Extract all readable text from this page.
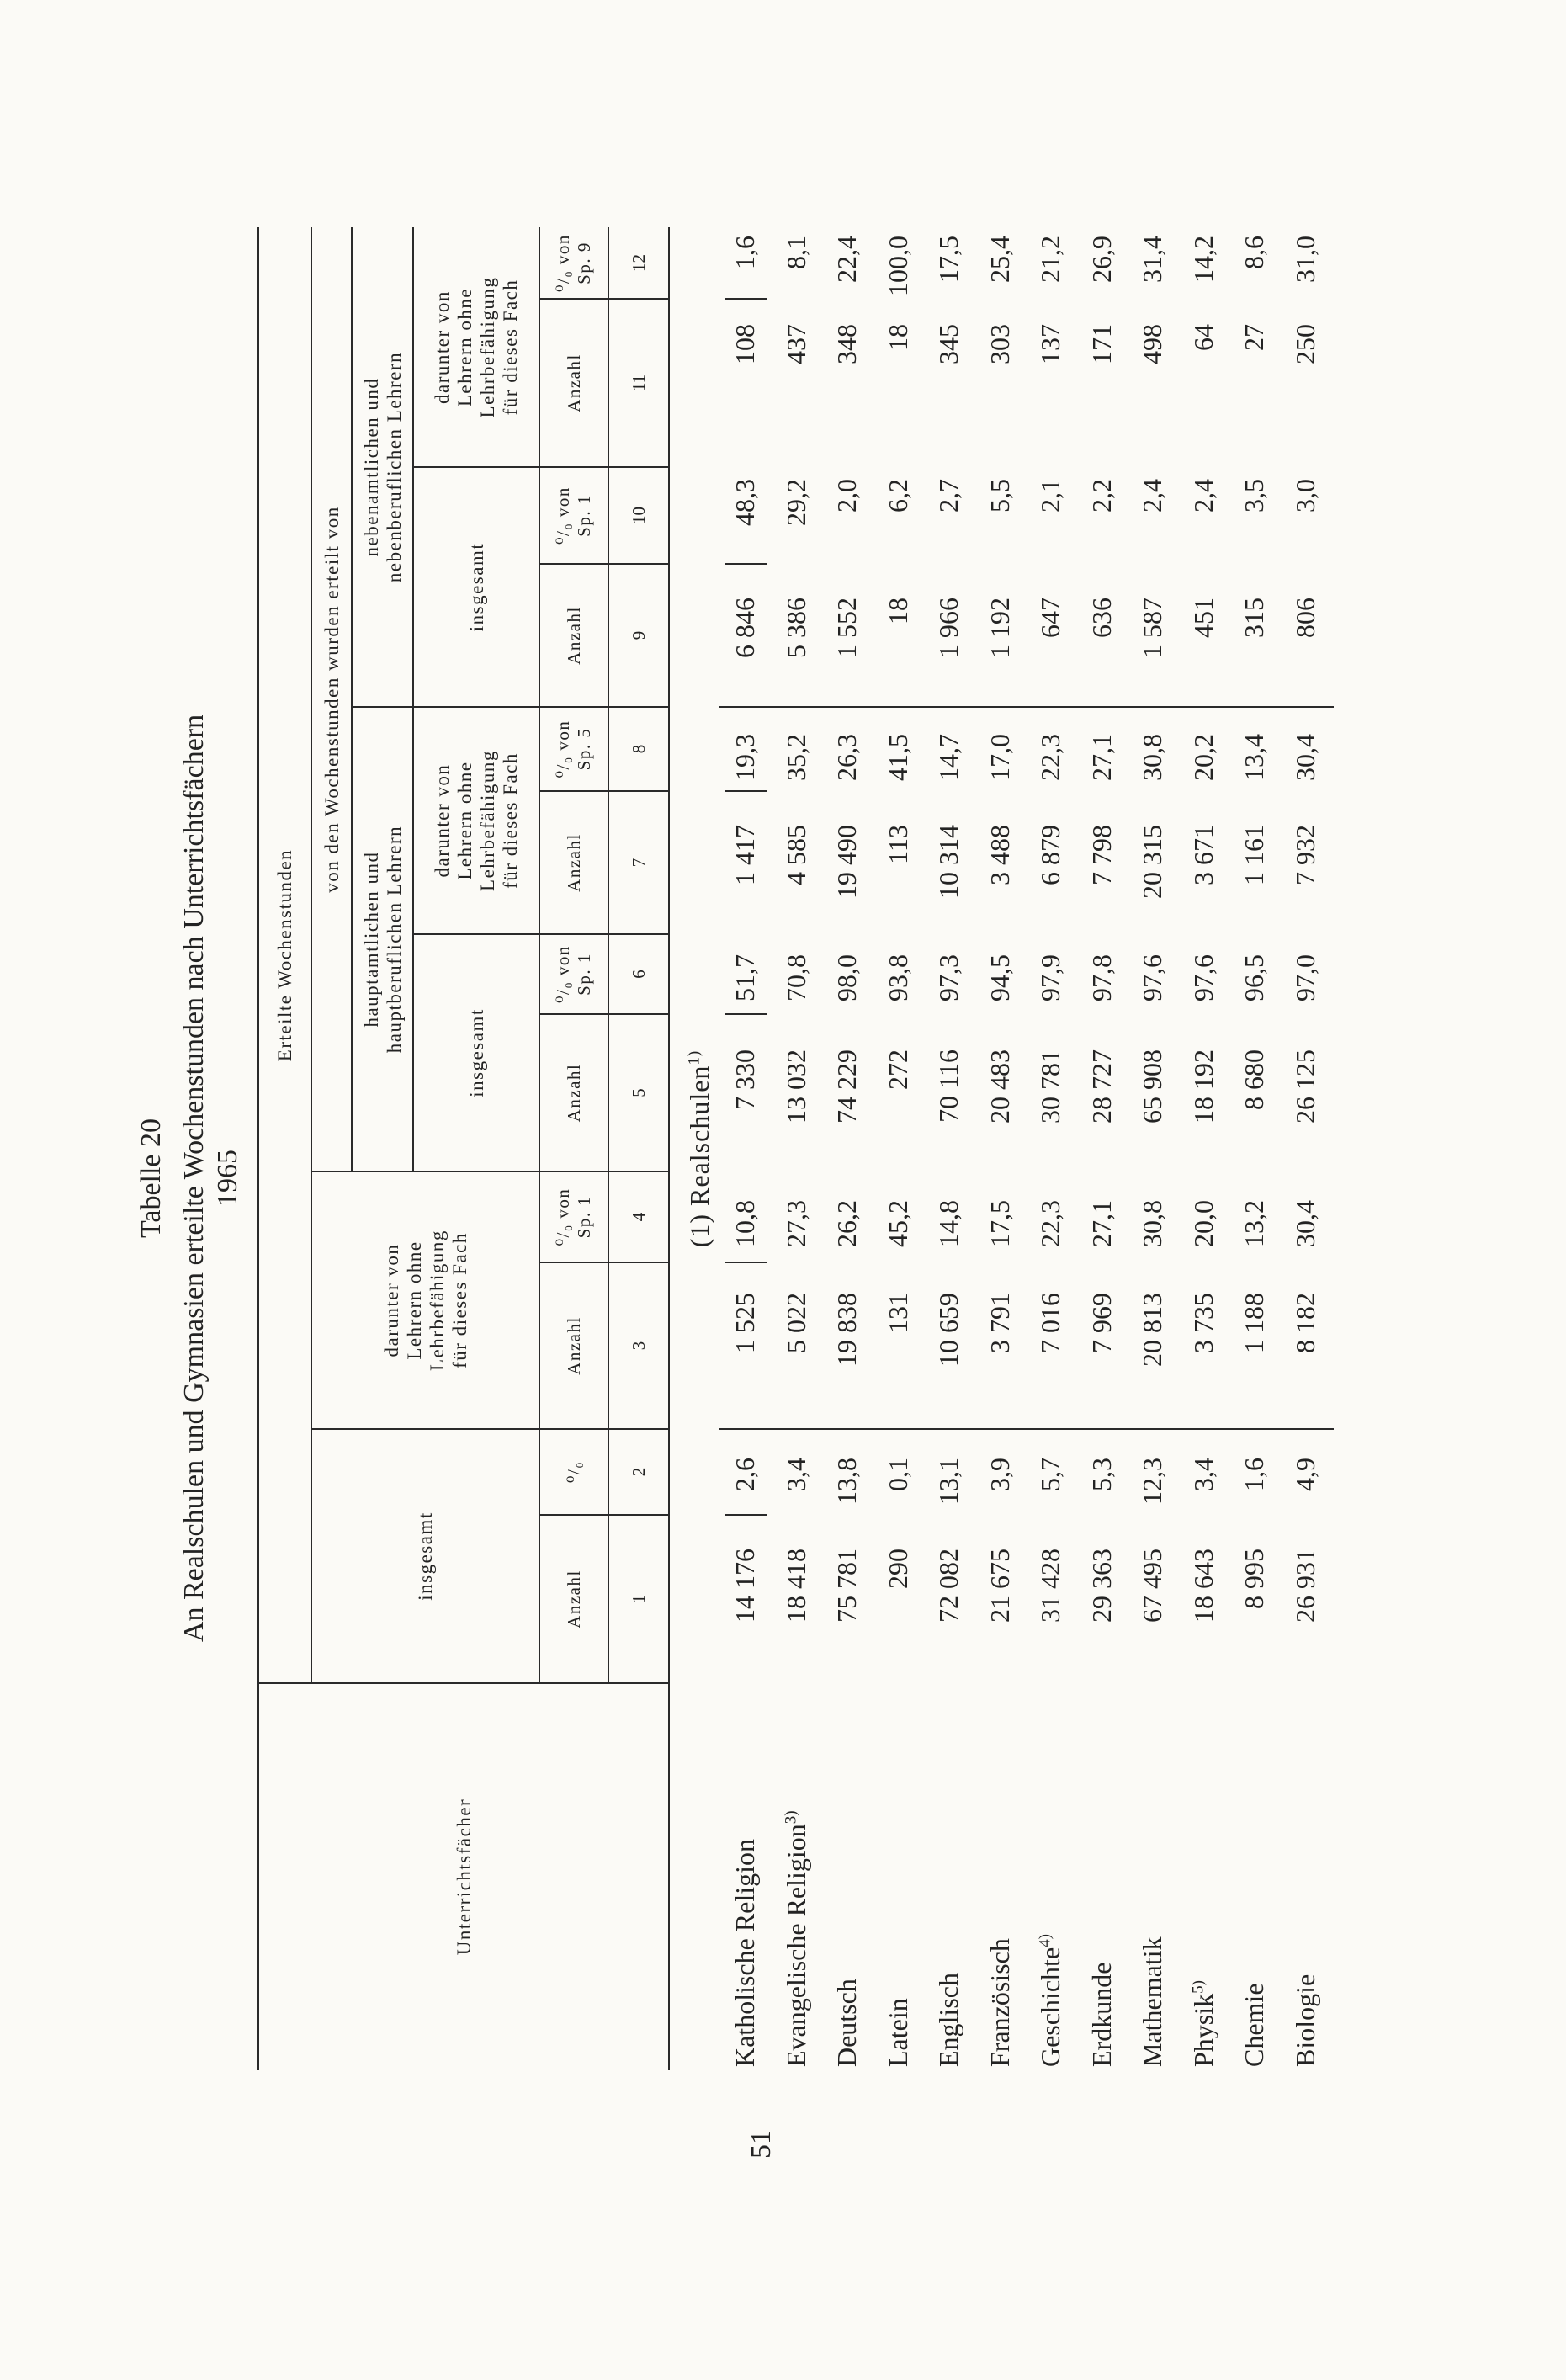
Tabelle 20 An Realschulen und Gymnasien erteilte Wochenstunden nach Unterrichtsfächern 1965
51
Unterrichtsfächer
Erteilte Wochenstunden
von den Wochenstunden wurden erteilt von
hauptamtlichen und hauptberuflichen Lehrern
nebenamtlichen und nebenberuflichen Lehrern
insgesamt
darunter von Lehrern ohne Lehrbefähigung für dieses Fach
insgesamt
darunter von Lehrern ohne Lehrbefähigung für dieses Fach
insgesamt
darunter von Lehrern ohne Lehrbefähigung für dieses Fach
Anzahl
⁰/₀
Anzahl
⁰/₀ von Sp. 1
Anzahl
⁰/₀ von Sp. 1
Anzahl
⁰/₀ von Sp. 5
Anzahl
⁰/₀ von Sp. 1
Anzahl
⁰/₀ von Sp. 9
1
2
3
4
5
6
7
8
9
10
11
12
(1) Realschulen$^{1)}$
Katholische Religion
14 176
2,6
1 525
10,8
7 330
51,7
1 417
19,3
6 846
48,3
108
1,6
Evangelische Religion$^{3)}$
18 418
3,4
5 022
27,3
13 032
70,8
4 585
35,2
5 386
29,2
437
8,1
Deutsch
75 781
13,8
19 838
26,2
74 229
98,0
19 490
26,3
1 552
2,0
348
22,4
Latein
290
0,1
131
45,2
272
93,8
113
41,5
18
6,2
18
100,0
Englisch
72 082
13,1
10 659
14,8
70 116
97,3
10 314
14,7
1 966
2,7
345
17,5
Französisch
21 675
3,9
3 791
17,5
20 483
94,5
3 488
17,0
1 192
5,5
303
25,4
Geschichte$^{4)}$
31 428
5,7
7 016
22,3
30 781
97,9
6 879
22,3
647
2,1
137
21,2
Erdkunde
29 363
5,3
7 969
27,1
28 727
97,8
7 798
27,1
636
2,2
171
26,9
Mathematik
67 495
12,3
20 813
30,8
65 908
97,6
20 315
30,8
1 587
2,4
498
31,4
Physik$^{5)}$
18 643
3,4
3 735
20,0
18 192
97,6
3 671
20,2
451
2,4
64
14,2
Chemie
8 995
1,6
1 188
13,2
8 680
96,5
1 161
13,4
315
3,5
27
8,6
Biologie
26 931
4,9
8 182
30,4
26 125
97,0
7 932
30,4
806
3,0
250
31,0
